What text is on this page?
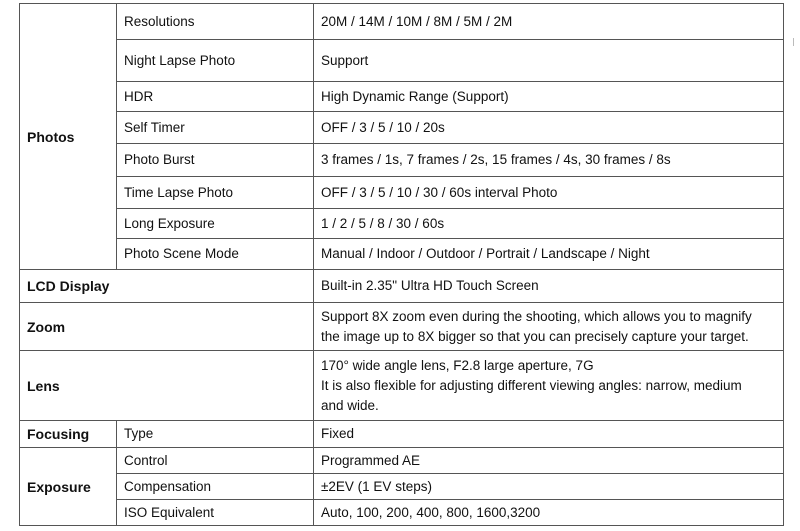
Photos	Resolutions	20M / 14M / 10M / 8M / 5M / 2M
	Night Lapse Photo	Support
	HDR	High Dynamic Range (Support)
	Self Timer	OFF / 3 / 5 / 10 / 20s
	Photo Burst	3 frames / 1s, 7 frames / 2s, 15 frames / 4s, 30 frames / 8s
	Time Lapse Photo	OFF / 3 / 5 / 10 / 30 / 60s interval Photo
	Long Exposure	1 / 2 / 5 / 8 / 30 / 60s
	Photo Scene Mode	Manual / Indoor / Outdoor / Portrait / Landscape / Night
LCD Display		Built-in 2.35" Ultra HD Touch Screen
Zoom		Support 8X zoom even during the shooting, which allows you to magnify
the image up to 8X bigger so that you can precisely capture your target.

Lens		170° wide angle lens, F2.8 large aperture, 7G
It is also flexible for adjusting different viewing angles: narrow, medium
and wide.

Focusing	Type	Fixed
Exposure	Control	Programmed AE
	Compensation	±2EV (1 EV steps)
	ISO Equivalent	Auto, 100, 200, 400, 800, 1600,3200
